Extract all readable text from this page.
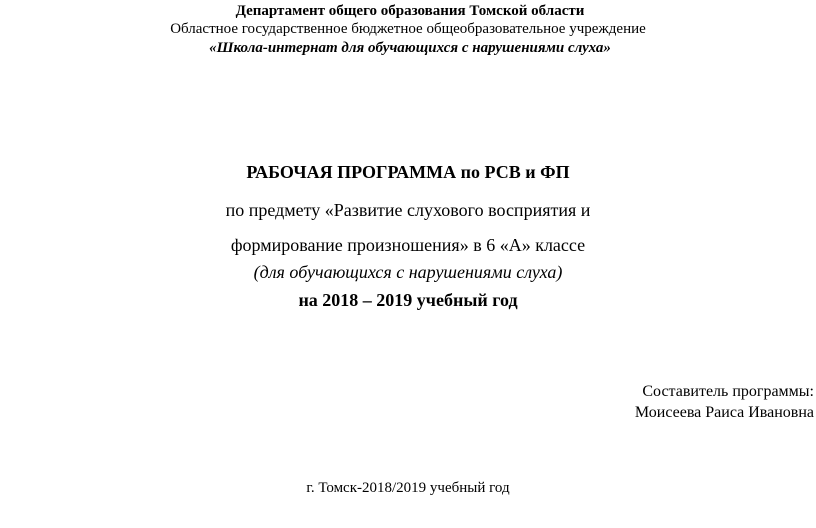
Департамент общего образования Томской области
Областное государственное бюджетное общеобразовательное учреждение
«Школа-интернат для обучающихся с нарушениями слуха»
РАБОЧАЯ ПРОГРАММА по РСВ и ФП
по предмету «Развитие слухового восприятия и
формирование произношения» в 6 «А» классе
(для обучающихся с нарушениями слуха)
на 2018 – 2019 учебный год
Составитель программы:
Моисеева Раиса Ивановна
г. Томск-2018/2019 учебный год
